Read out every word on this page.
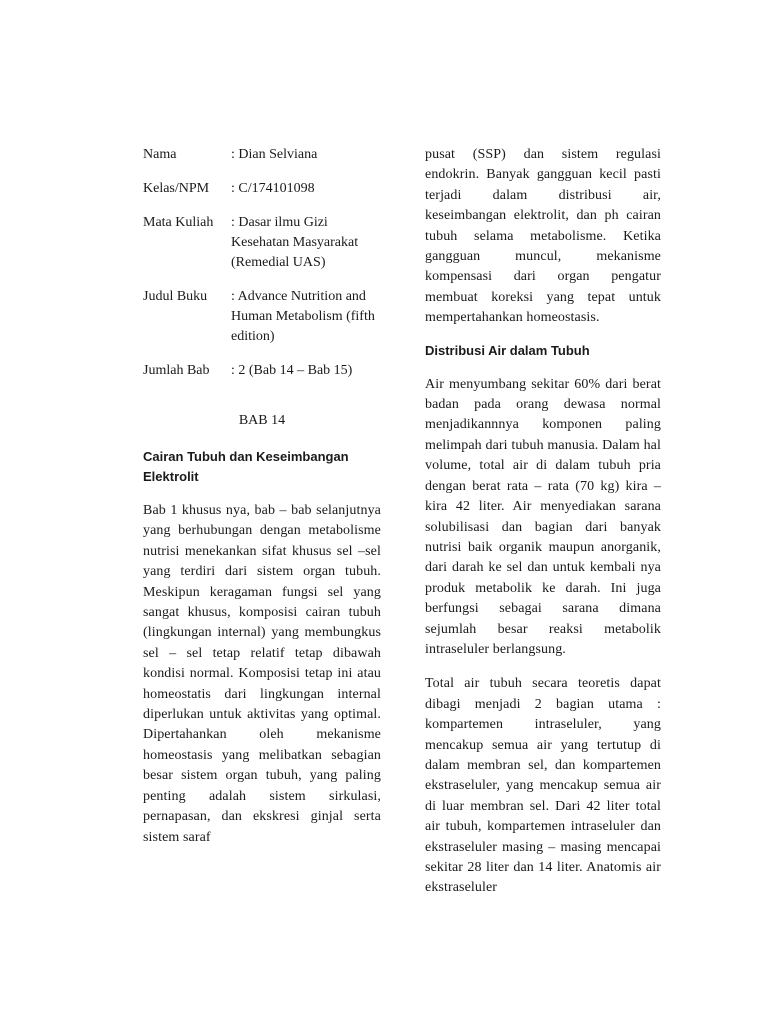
Nama	: Dian Selviana
Kelas/NPM	: C/174101098
Mata Kuliah	: Dasar ilmu Gizi Kesehatan Masyarakat (Remedial UAS)
Judul Buku	: Advance Nutrition and Human Metabolism (fifth edition)
Jumlah Bab	: 2 (Bab 14 – Bab 15)
BAB 14
Cairan Tubuh dan Keseimbangan Elektrolit

Bab 1 khusus nya, bab – bab selanjutnya yang berhubungan dengan metabolisme nutrisi menekankan sifat khusus sel –sel yang terdiri dari sistem organ tubuh. Meskipun keragaman fungsi sel yang sangat khusus, komposisi cairan tubuh (lingkungan internal) yang membungkus sel – sel tetap relatif tetap dibawah kondisi normal. Komposisi tetap ini atau homeostatis dari lingkungan internal diperlukan untuk aktivitas yang optimal. Dipertahankan oleh mekanisme homeostasis yang melibatkan sebagian besar sistem organ tubuh, yang paling penting adalah sistem sirkulasi, pernapasan, dan ekskresi ginjal serta sistem saraf

pusat (SSP) dan sistem regulasi endokrin. Banyak gangguan kecil pasti terjadi dalam distribusi air, keseimbangan elektrolit, dan ph cairan tubuh selama metabolisme. Ketika gangguan muncul, mekanisme kompensasi dari organ pengatur membuat koreksi yang tepat untuk mempertahankan homeostasis.

Distribusi Air dalam Tubuh

Air menyumbang sekitar 60% dari berat badan pada orang dewasa normal menjadikannnya komponen paling melimpah dari tubuh manusia. Dalam hal volume, total air di dalam tubuh pria dengan berat rata – rata (70 kg) kira – kira 42 liter. Air menyediakan sarana solubilisasi dan bagian dari banyak nutrisi baik organik maupun anorganik, dari darah ke sel dan untuk kembali nya produk metabolik ke darah. Ini juga berfungsi sebagai sarana dimana sejumlah besar reaksi metabolik intraseluler berlangsung.

Total air tubuh secara teoretis dapat dibagi menjadi 2 bagian utama : kompartemen intraseluler, yang mencakup semua air yang tertutup di dalam membran sel, dan kompartemen ekstraseluler, yang mencakup semua air di luar membran sel. Dari 42 liter total air tubuh, kompartemen intraseluler dan ekstraseluler masing – masing mencapai sekitar 28 liter dan 14 liter. Anatomis air ekstraseluler
